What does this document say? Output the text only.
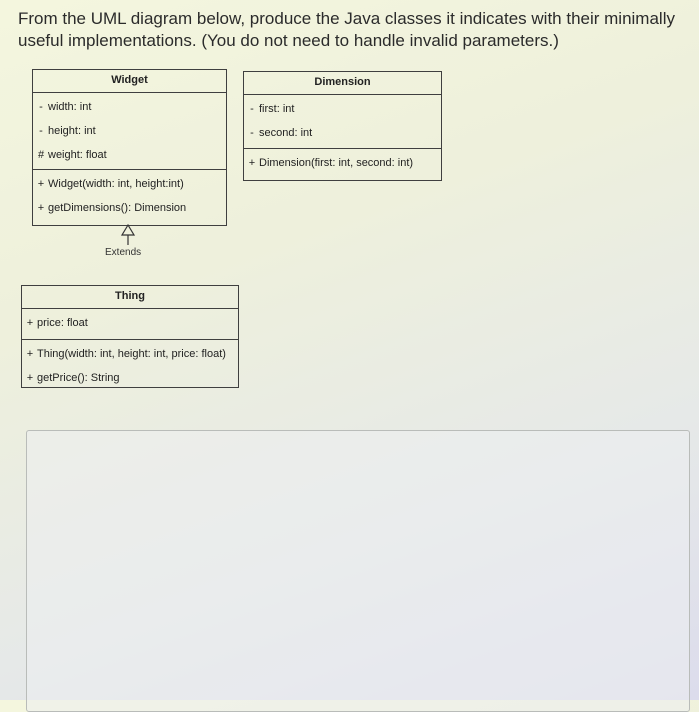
From the UML diagram below, produce the Java classes it indicates with their minimally useful implementations. (You do not need to handle invalid parameters.)
Widget
- width: int
- height: int
# weight: float
+ Widget(width: int, height:int)
+ getDimensions(): Dimension
Dimension
- first: int
- second: int
+ Dimension(first: int, second: int)
Extends
Thing
+ price: float
+ Thing(width: int, height: int, price: float)
+ getPrice(): String
